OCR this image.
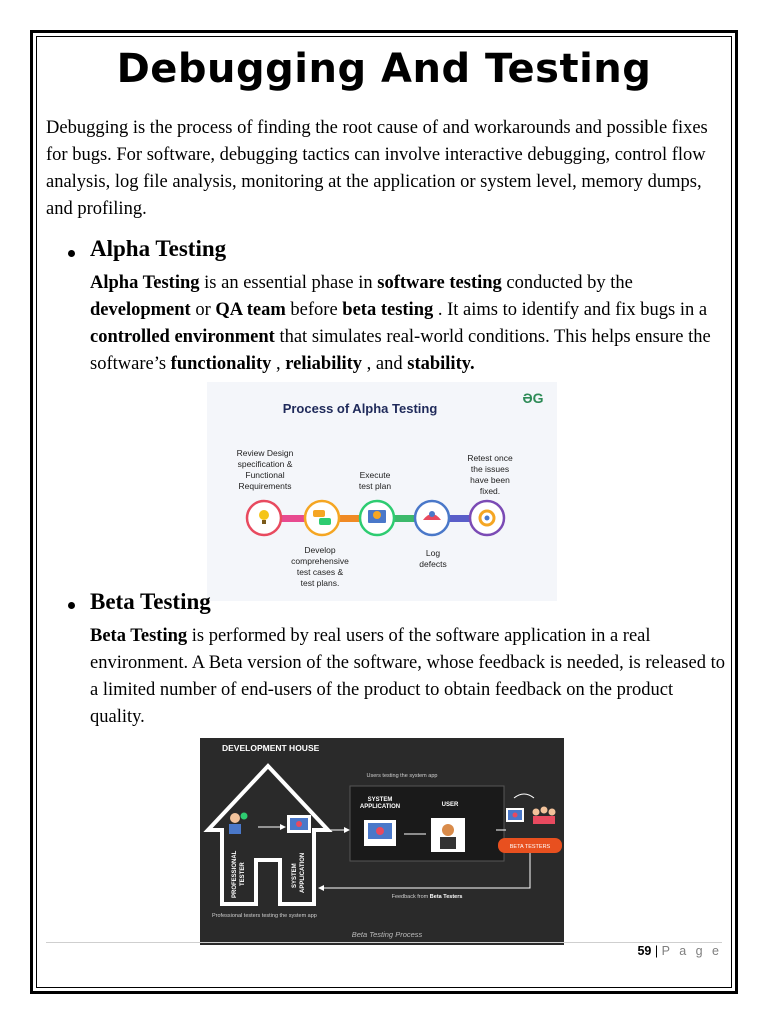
Debugging And Testing
Debugging is the process of finding the root cause of and workarounds and possible fixes for bugs. For software, debugging tactics can involve interactive debugging, control flow analysis, log file analysis, monitoring at the application or system level, memory dumps, and profiling.
Alpha Testing
Alpha Testing is an essential phase in software testing conducted by the development or QA team before beta testing . It aims to identify and fix bugs in a controlled environment that simulates real-world conditions. This helps ensure the software’s functionality , reliability , and stability.
Process of Alpha Testing
ƏG
Review Design
specification &
Functional
Requirements
Execute
test plan
Retest once
the issues
have been
fixed.
Develop
comprehensive
test cases &
test plans.
Log
defects
Beta Testing
Beta Testing is performed by real users of the software application in a real environment. A Beta version of the software, whose feedback is needed, is released to a limited number of end-users of the product to obtain feedback on the product quality.
DEVELOPMENT HOUSE
PROFESSIONAL TESTER	SYSTEM APPLICATION
Users testing the system app
SYSTEM
APPLICATION	USER
BETA TESTERS
Feedback from Beta Testers
Professional testers testing the system app
Beta Testing Process
59 | P a g e
